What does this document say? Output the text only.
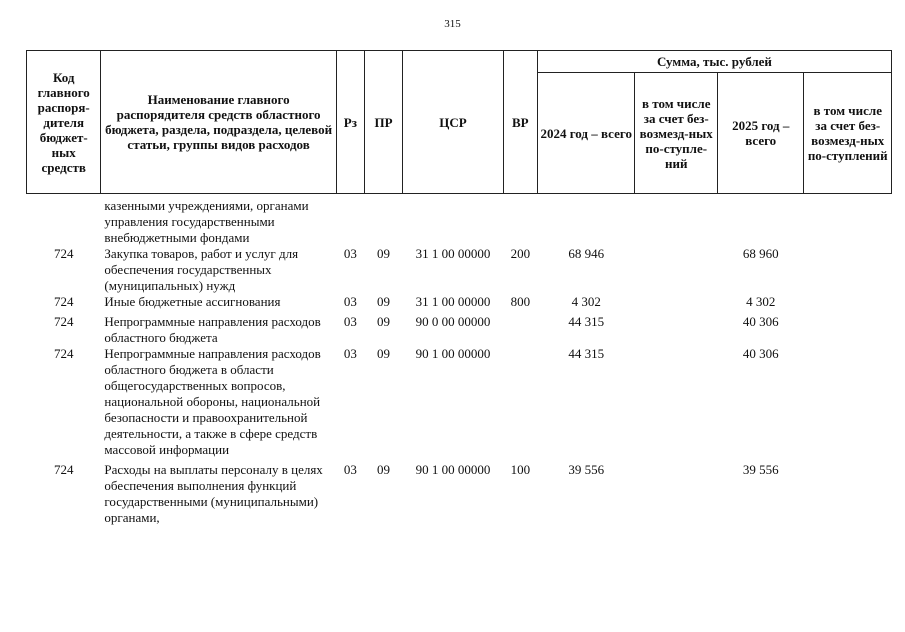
315
Код главного распоря-дителя бюджет-ных средств	Наименование главного распорядителя средств областного бюджета, раздела, подраздела, целевой статьи, группы видов расходов	Рз	ПР	ЦСР	ВР	Сумма, тыс. рублей			
						2024 год – всего	в том числе за счет без-возмезд-ных по-ступле-ний	2025 год – всего	в том числе за счет без-возмезд-ных по-ступлений

	казенными учреждениями, органами управления государственными внебюджетными фондами								
724	Закупка товаров, работ и услуг для обеспечения государственных (муниципальных) нужд	03	09	31 1 00 00000	200	68 946		68 960	
724	Иные бюджетные ассигнования	03	09	31 1 00 00000	800	4 302		4 302	

724	Непрограммные направления расходов областного бюджета	03	09	90 0 00 00000		44 315		40 306	
724	Непрограммные направления расходов областного бюджета в области общегосударственных вопросов, национальной обороны, национальной безопасности и правоохранительной деятельности, а также в сфере средств массовой информации	03	09	90 1 00 00000		44 315		40 306	

724	Расходы на выплаты персоналу в целях обеспечения выполнения функций государственными (муниципальными) органами,	03	09	90 1 00 00000	100	39 556		39 556	
